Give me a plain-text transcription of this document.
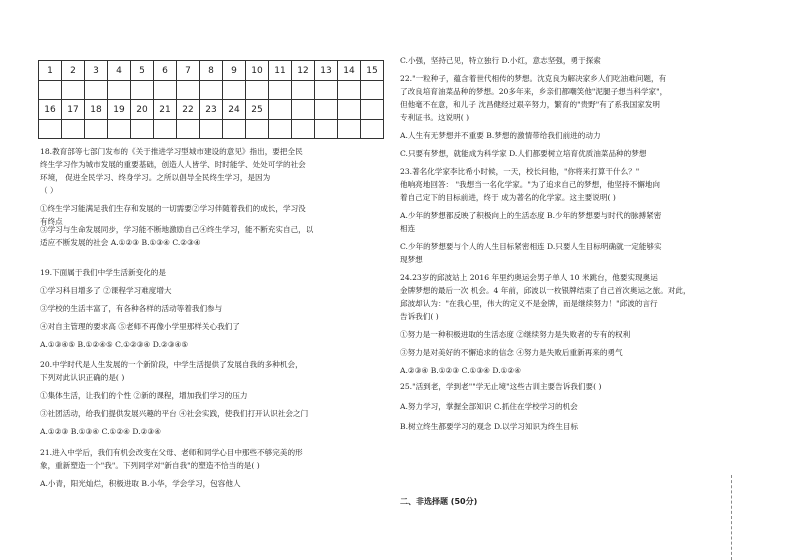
1	2	3	4	5	6	7	8	9	10	11	12	13	14	15

16	17	18	19	20	21	22	23	24	25					

18.教育部等七部门发布的《关于推进学习型城市建设的意见》指出，要把全民
终生学习作为城市发展的重要基础，创造人人皆学、时时能学、处处可学的社会
环境， 促进全民学习、终身学习。之所以倡导全民终生学习，是因为
（ ）
①终生学习能满足我们生存和发展的一切需要②学习伴随着我们的成长，学习没
有终点
③学习与生命发展同步，学习能不断地激励自己④终生学习，能不断充实自己，以
适应不断发展的社会 A.①②③ B.①③④ C.②③④
19.下面属于我们中学生活新变化的是
①学习科目增多了 ②课程学习难度增大
③学校的生活丰富了，有各种各样的活动等着我们参与
④对自主管理的要求高 ⑤老师不再像小学里那样关心我们了
A.①③④⑤ B.①②④⑤ C.①②③④ D.②③④⑤
20.中学时代是人生发展的一个新阶段，中学生活提供了发展自我的多种机会，
下列对此认识正确的是( )
①集体生活，让我们的个性 ②新的课程，增加我们学习的压力
③社团活动，给我们提供发展兴趣的平台 ④社会实践，使我们打开认识社会之门
A.①②③ B.①③④ C.①②④ D.②③④
21.进入中学后，我们有机会改变在父母、老师和同学心目中那些不够完美的形
象，重新塑造一个"我"。下列同学对"新自我"的塑造不恰当的是( )
A.小青，阳光灿烂，积极进取 B.小华，学会学习，包容他人
C.小强，坚持己见，特立独行 D.小红，意志坚强，勇于探索
22."一粒种子，蕴含着世代相传的梦想。沈克良为解决家乡人们吃油难问题，有
了改良培育油菜品种的梦想。20多年来，乡亲们都嘲笑他"泥腿子想当科学家"，
但他毫不在意，和儿子 沈昌健经过艰辛努力，繁育的"贵野"有了系我国家发明
专利证书。这说明( )
A.人生有无梦想并不重要 B.梦想的激情带给我们前进的动力
C.只要有梦想，就能成为科学家 D.人们都要树立培育优质油菜品种的梦想
23.著名化学家李比希小时候，一天，校长问他，"你将来打算干什么？"
他响亮地回答： "我想当一名化学家。"为了追求自己的梦想，他坚持不懈地向
着自己定下的目标前进，终于 成为著名的化学家。这主要说明( )
A.少年的梦想都反映了积极向上的生活态度 B.少年的梦想要与时代的脉搏紧密
相连
C.少年的梦想要与个人的人生目标紧密相连 D.只要人生目标明确就一定能够实
现梦想
24.23岁的邱波站上 2016 年里约奥运会男子单人 10 米跳台，他要实现奥运
金牌梦想的最后一次 机会。4 年前，邱波以一枚银牌结束了自己首次奥运之旅。对此，
邱波却认为："在我心里，伟大的定义不是金牌，而是继续努力！"邱波的言行
告诉我们( )
①努力是一种积极进取的生活态度 ②继续努力是失败者的专有的权利
③努力是对美好的不懈追求的信念 ④努力是失败后重新再来的勇气
A.②③④ B.①②③ C.①③④ D.①②④
25."活到老，学到老""学无止境"这些古训主要告诉我们要( )
A.努力学习，掌握全部知识 C.抓住在学校学习的机会
B.树立终生都要学习的观念 D.以学习知识为终生目标
二、非选择题 (50分)
